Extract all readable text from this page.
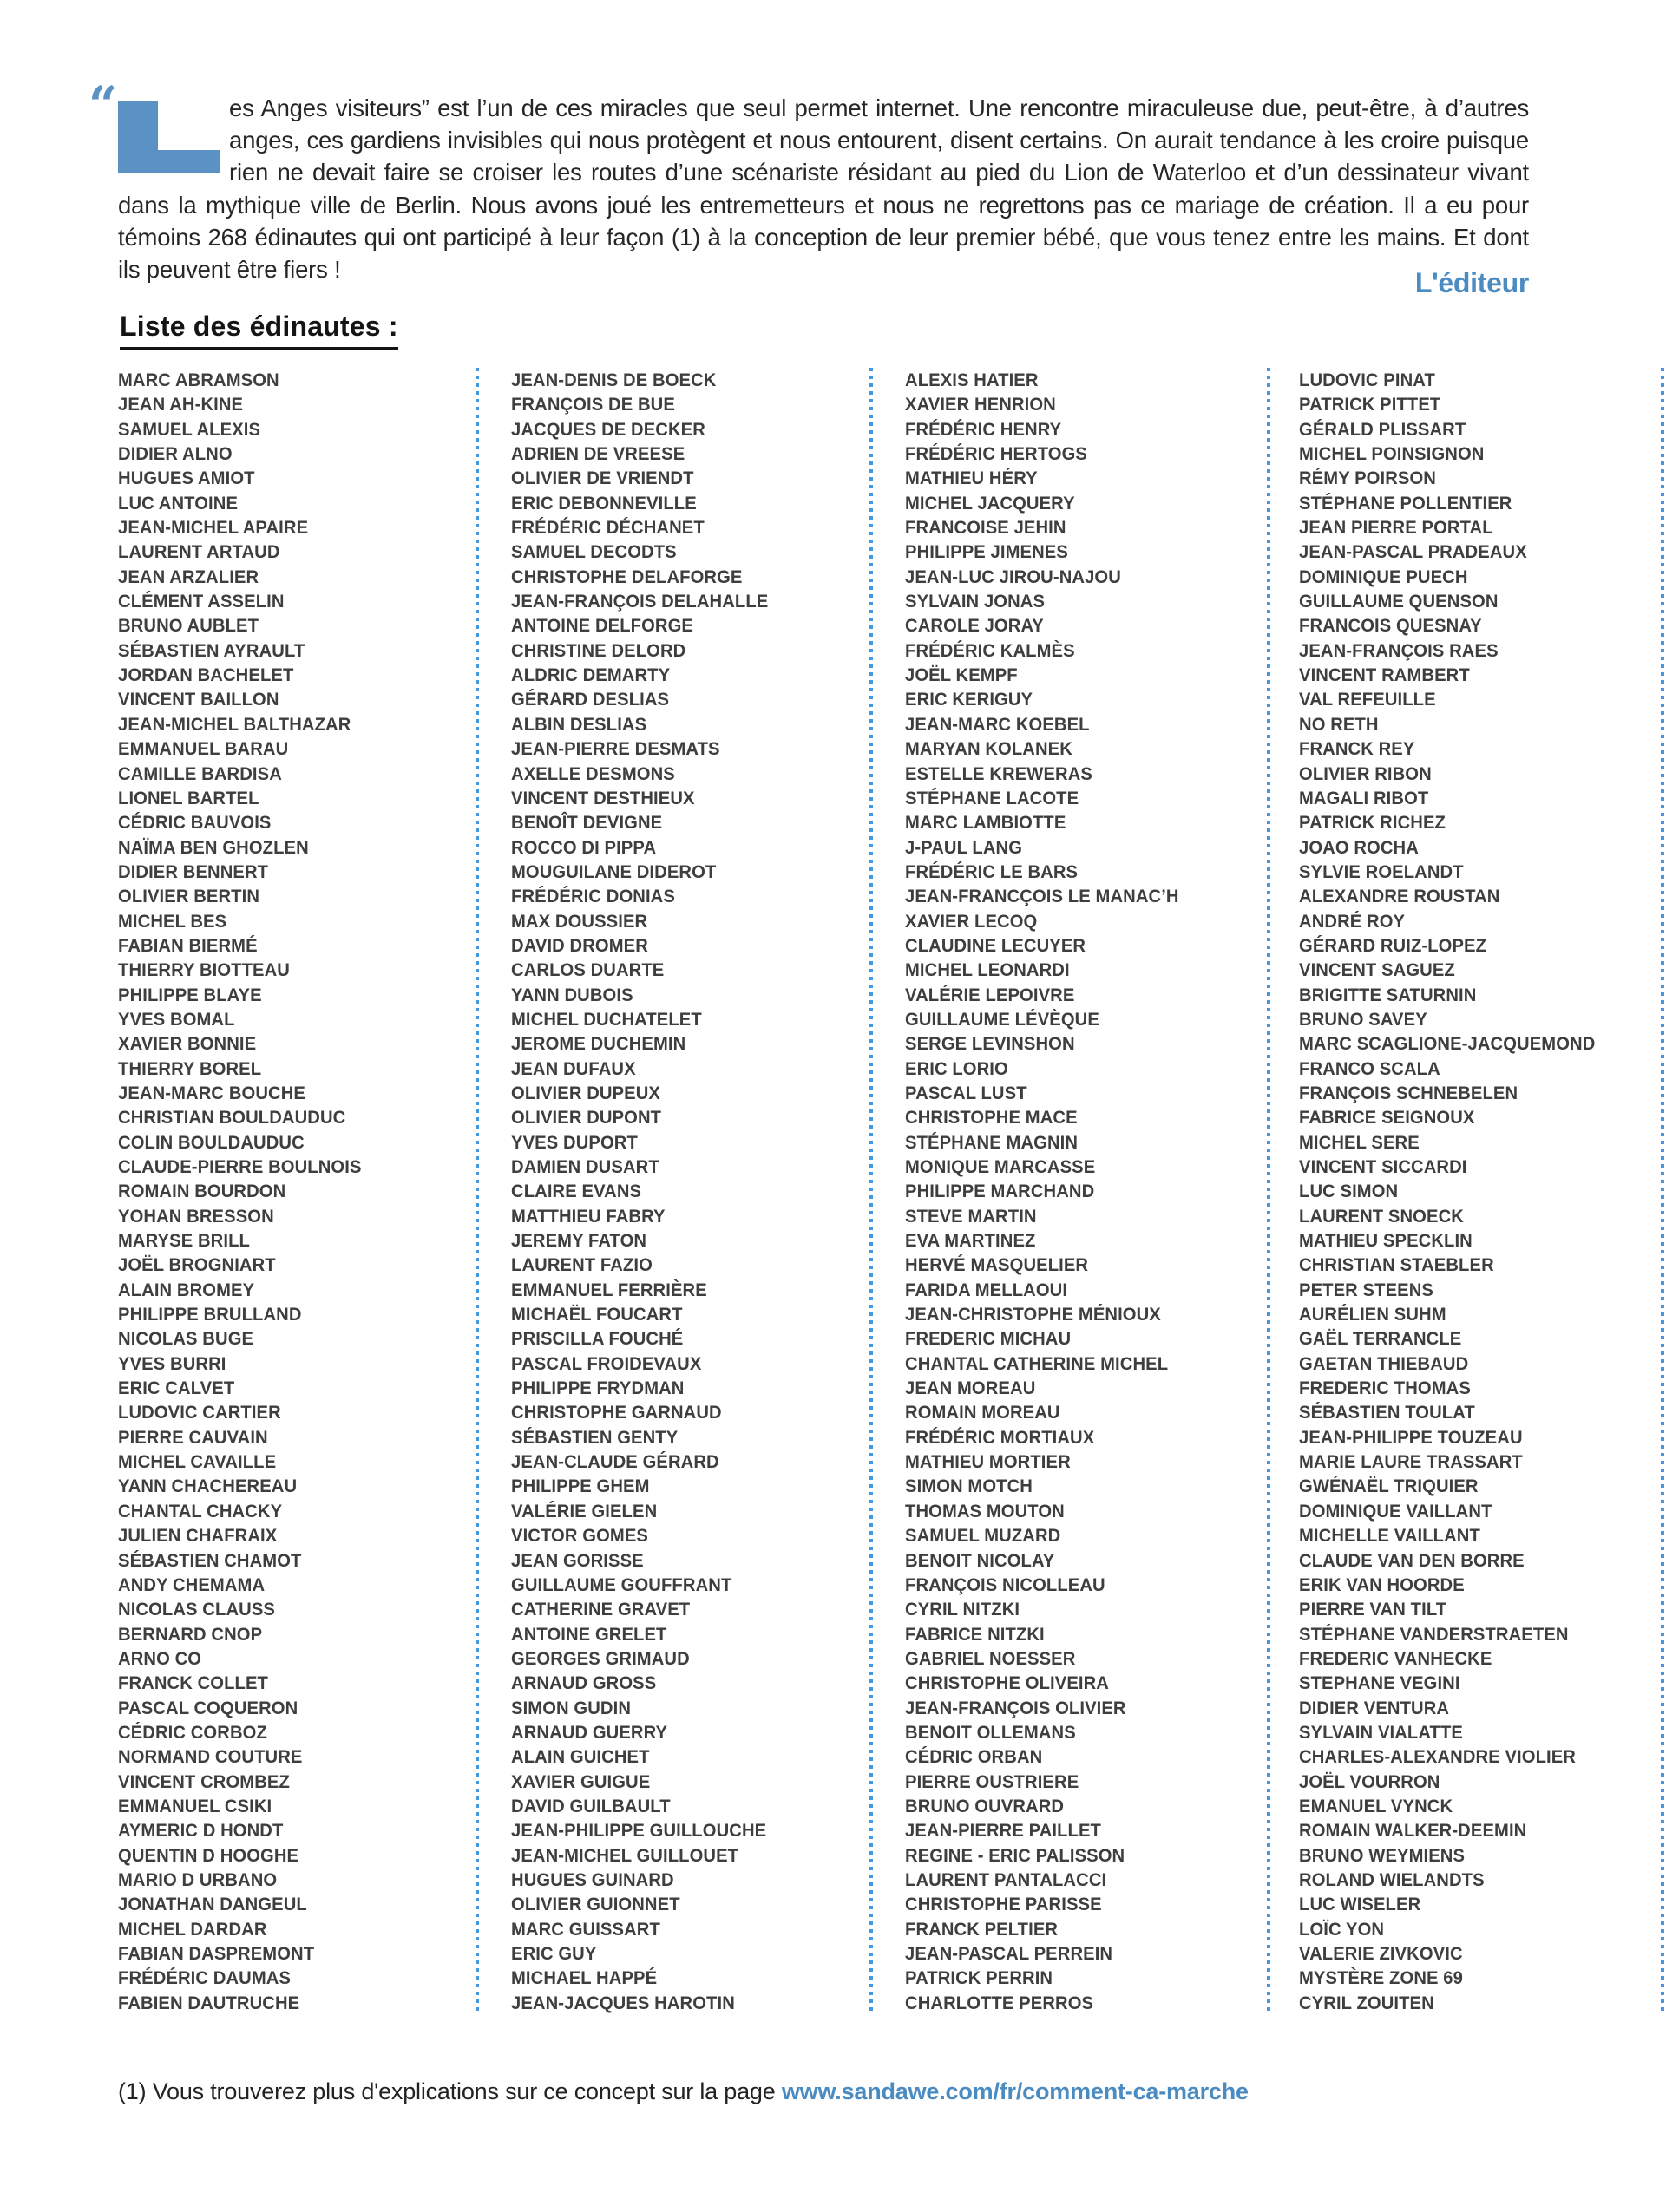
“	es Anges visiteurs” est l’un de ces miracles que seul permet internet. Une rencontre miraculeuse due, peut-être, à d’autres anges, ces gardiens invisibles qui nous protègent et nous entourent, disent certains. On aurait tendance à les croire puisque rien ne devait faire se croiser les routes d’une scénariste résidant au pied du Lion de Waterloo et d’un dessinateur vivant dans la mythique ville de Berlin. Nous avons joué les entremetteurs et nous ne regrettons pas ce mariage de création. Il a eu pour témoins 268 édinautes qui ont participé à leur façon (1) à la conception de leur premier bébé, que vous tenez entre les mains. Et dont ils peuvent être fiers !	L'éditeur
Liste des édinautes :
MARC ABRAMSON
JEAN AH-KINE
SAMUEL ALEXIS
DIDIER ALNO
HUGUES AMIOT
LUC ANTOINE
JEAN-MICHEL APAIRE
LAURENT ARTAUD
JEAN ARZALIER
CLÉMENT ASSELIN
BRUNO AUBLET
SÉBASTIEN AYRAULT
JORDAN BACHELET
VINCENT BAILLON
JEAN-MICHEL BALTHAZAR
EMMANUEL BARAU
CAMILLE BARDISA
LIONEL BARTEL
CÉDRIC BAUVOIS
NAÏMA BEN GHOZLEN
DIDIER BENNERT
OLIVIER BERTIN
MICHEL BES
FABIAN BIERMÉ
THIERRY BIOTTEAU
PHILIPPE BLAYE
YVES BOMAL
XAVIER BONNIE
THIERRY BOREL
JEAN-MARC BOUCHE
CHRISTIAN BOULDAUDUC
COLIN BOULDAUDUC
CLAUDE-PIERRE BOULNOIS
ROMAIN BOURDON
YOHAN BRESSON
MARYSE BRILL
JOËL BROGNIART
ALAIN BROMEY
PHILIPPE BRULLAND
NICOLAS BUGE
YVES BURRI
ERIC CALVET
LUDOVIC CARTIER
PIERRE CAUVAIN
MICHEL CAVAILLE
YANN CHACHEREAU
CHANTAL CHACKY
JULIEN CHAFRAIX
SÉBASTIEN CHAMOT
ANDY CHEMAMA
NICOLAS CLAUSS
BERNARD CNOP
ARNO CO
FRANCK COLLET
PASCAL COQUERON
CÉDRIC CORBOZ
NORMAND COUTURE
VINCENT CROMBEZ
EMMANUEL CSIKI
AYMERIC D HONDT
QUENTIN D HOOGHE
MARIO D URBANO
JONATHAN DANGEUL
MICHEL DARDAR
FABIAN DASPREMONT
FRÉDÉRIC DAUMAS
FABIEN DAUTRUCHE
JEAN-DENIS DE BOECK
FRANÇOIS DE BUE
JACQUES DE DECKER
ADRIEN DE VREESE
OLIVIER DE VRIENDT
ERIC DEBONNEVILLE
FRÉDÉRIC DÉCHANET
SAMUEL DECODTS
CHRISTOPHE DELAFORGE
JEAN-FRANÇOIS DELAHALLE
ANTOINE DELFORGE
CHRISTINE DELORD
ALDRIC DEMARTY
GÉRARD DESLIAS
ALBIN DESLIAS
JEAN-PIERRE DESMATS
AXELLE DESMONS
VINCENT DESTHIEUX
BENOÎT DEVIGNE
ROCCO DI PIPPA
MOUGUILANE DIDEROT
FRÉDÉRIC DONIAS
MAX DOUSSIER
DAVID DROMER
CARLOS DUARTE
YANN DUBOIS
MICHEL DUCHATELET
JEROME DUCHEMIN
JEAN DUFAUX
OLIVIER DUPEUX
OLIVIER DUPONT
YVES DUPORT
DAMIEN DUSART
CLAIRE EVANS
MATTHIEU FABRY
JEREMY FATON
LAURENT FAZIO
EMMANUEL FERRIÈRE
MICHAËL FOUCART
PRISCILLA FOUCHÉ
PASCAL FROIDEVAUX
PHILIPPE FRYDMAN
CHRISTOPHE GARNAUD
SÉBASTIEN GENTY
JEAN-CLAUDE GÉRARD
PHILIPPE GHEM
VALÉRIE GIELEN
VICTOR GOMES
JEAN GORISSE
GUILLAUME GOUFFRANT
CATHERINE GRAVET
ANTOINE GRELET
GEORGES GRIMAUD
ARNAUD GROSS
SIMON GUDIN
ARNAUD GUERRY
ALAIN GUICHET
XAVIER GUIGUE
DAVID GUILBAULT
JEAN-PHILIPPE GUILLOUCHE
JEAN-MICHEL GUILLOUET
HUGUES GUINARD
OLIVIER GUIONNET
MARC GUISSART
ERIC GUY
MICHAEL HAPPÉ
JEAN-JACQUES HAROTIN
ALEXIS HATIER
XAVIER HENRION
FRÉDÉRIC HENRY
FRÉDÉRIC HERTOGS
MATHIEU HÉRY
MICHEL JACQUERY
FRANCOISE JEHIN
PHILIPPE JIMENES
JEAN-LUC JIROU-NAJOU
SYLVAIN JONAS
CAROLE JORAY
FRÉDÉRIC KALMÈS
JOËL KEMPF
ERIC KERIGUY
JEAN-MARC KOEBEL
MARYAN KOLANEK
ESTELLE KREWERAS
STÉPHANE LACOTE
MARC LAMBIOTTE
J-PAUL LANG
FRÉDÉRIC LE BARS
JEAN-FRANCÇOIS LE MANAC’H
XAVIER LECOQ
CLAUDINE LECUYER
MICHEL LEONARDI
VALÉRIE LEPOIVRE
GUILLAUME LÉVÈQUE
SERGE LEVINSHON
ERIC LORIO
PASCAL LUST
CHRISTOPHE MACE
STÉPHANE MAGNIN
MONIQUE MARCASSE
PHILIPPE MARCHAND
STEVE MARTIN
EVA MARTINEZ
HERVÉ MASQUELIER
FARIDA MELLAOUI
JEAN-CHRISTOPHE MÉNIOUX
FREDERIC MICHAU
CHANTAL CATHERINE MICHEL
JEAN MOREAU
ROMAIN MOREAU
FRÉDÉRIC MORTIAUX
MATHIEU MORTIER
SIMON MOTCH
THOMAS MOUTON
SAMUEL MUZARD
BENOIT NICOLAY
FRANÇOIS NICOLLEAU
CYRIL NITZKI
FABRICE NITZKI
GABRIEL NOESSER
CHRISTOPHE OLIVEIRA
JEAN-FRANÇOIS OLIVIER
BENOIT OLLEMANS
CÉDRIC ORBAN
PIERRE OUSTRIERE
BRUNO OUVRARD
JEAN-PIERRE PAILLET
REGINE - ERIC PALISSON
LAURENT PANTALACCI
CHRISTOPHE PARISSE
FRANCK PELTIER
JEAN-PASCAL PERREIN
PATRICK PERRIN
CHARLOTTE PERROS
LUDOVIC PINAT
PATRICK PITTET
GÉRALD PLISSART
MICHEL POINSIGNON
RÉMY POIRSON
STÉPHANE POLLENTIER
JEAN PIERRE PORTAL
JEAN-PASCAL PRADEAUX
DOMINIQUE PUECH
GUILLAUME QUENSON
FRANCOIS QUESNAY
JEAN-FRANÇOIS RAES
VINCENT RAMBERT
VAL REFEUILLE
NO RETH
FRANCK REY
OLIVIER RIBON
MAGALI RIBOT
PATRICK RICHEZ
JOAO ROCHA
SYLVIE ROELANDT
ALEXANDRE ROUSTAN
ANDRÉ ROY
GÉRARD RUIZ-LOPEZ
VINCENT SAGUEZ
BRIGITTE SATURNIN
BRUNO SAVEY
MARC SCAGLIONE-JACQUEMOND
FRANCO SCALA
FRANÇOIS SCHNEBELEN
FABRICE SEIGNOUX
MICHEL SERE
VINCENT SICCARDI
LUC SIMON
LAURENT SNOECK
MATHIEU SPECKLIN
CHRISTIAN STAEBLER
PETER STEENS
AURÉLIEN SUHM
GAËL TERRANCLE
GAETAN THIEBAUD
FREDERIC THOMAS
SÉBASTIEN TOULAT
JEAN-PHILIPPE TOUZEAU
MARIE LAURE TRASSART
GWÉNAËL TRIQUIER
DOMINIQUE VAILLANT
MICHELLE VAILLANT
CLAUDE VAN DEN BORRE
ERIK VAN HOORDE
PIERRE VAN TILT
STÉPHANE VANDERSTRAETEN
FREDERIC VANHECKE
STEPHANE VEGINI
DIDIER VENTURA
SYLVAIN VIALATTE
CHARLES-ALEXANDRE VIOLIER
JOËL VOURRON
EMANUEL VYNCK
ROMAIN WALKER-DEEMIN
BRUNO WEYMIENS
ROLAND WIELANDTS
LUC WISELER
LOÏC YON
VALERIE ZIVKOVIC
MYSTÈRE ZONE 69
CYRIL ZOUITEN
(1) Vous trouverez plus d'explications sur ce concept sur la page www.sandawe.com/fr/comment-ca-marche
